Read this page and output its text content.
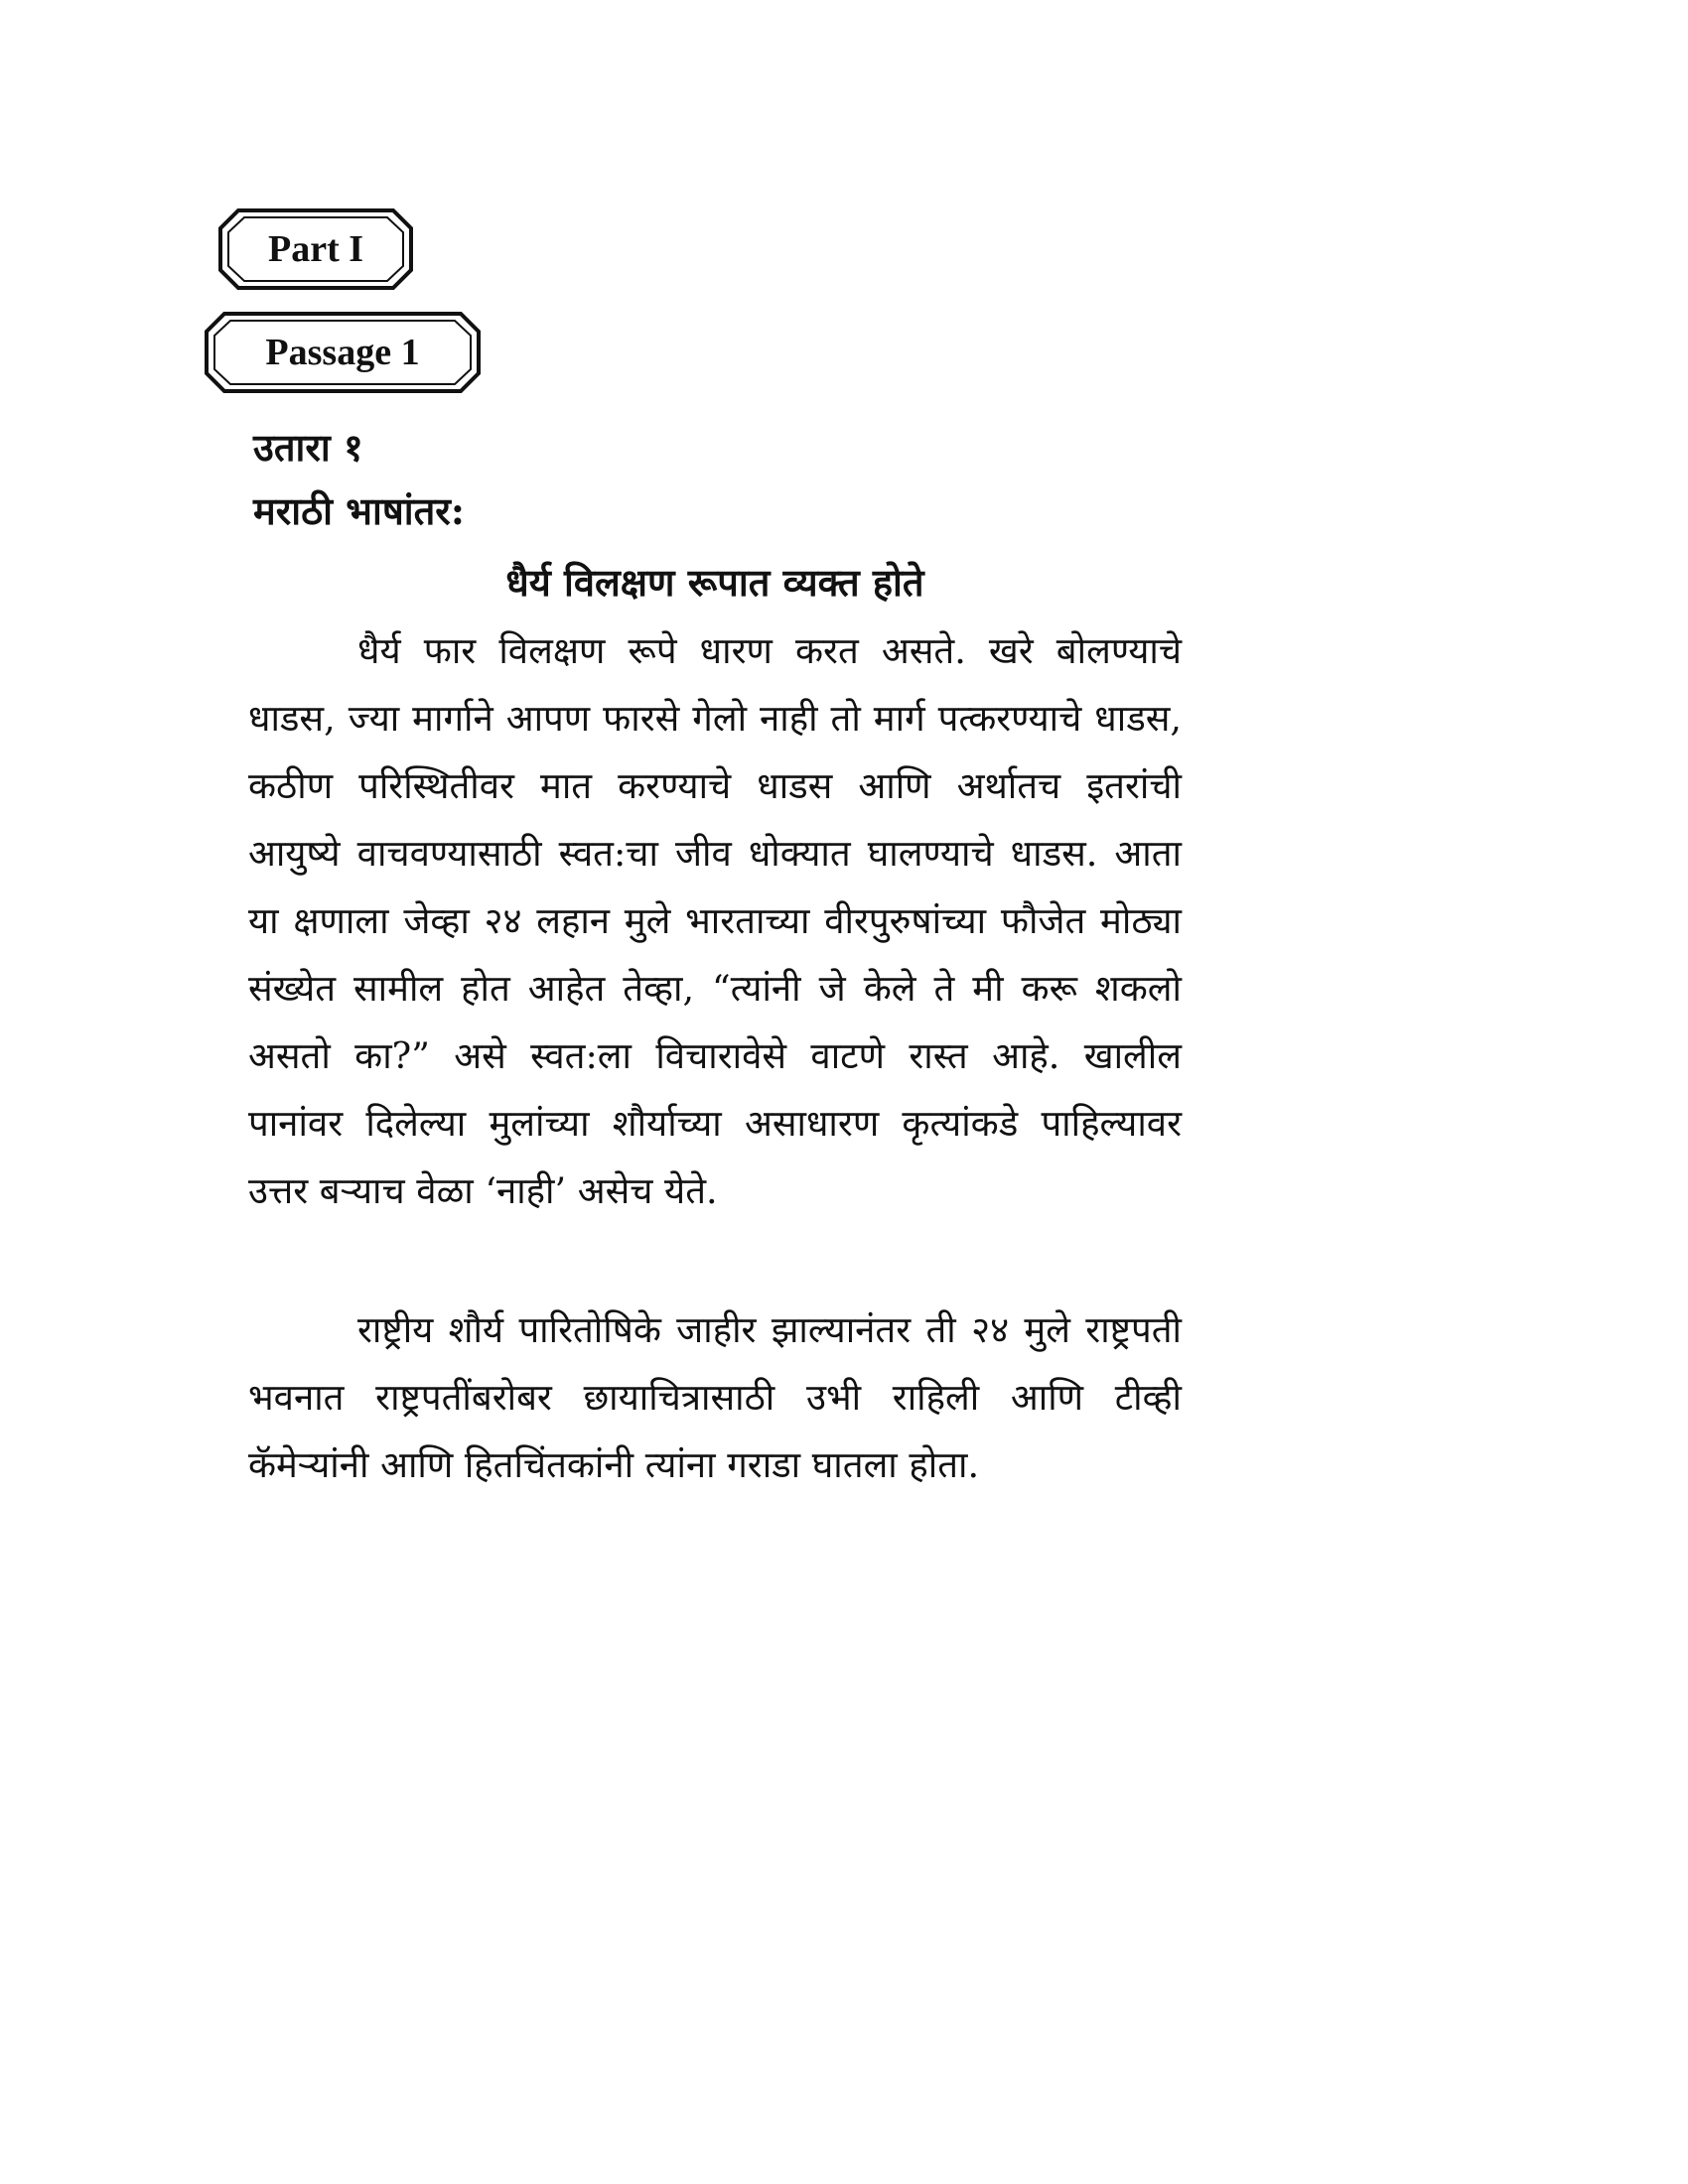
Part I
Passage 1
उतारा १
मराठी भाषांतर:
धैर्य विलक्षण रूपात व्यक्त होते

धैर्य फार विलक्षण रूपे धारण करत असते. खरे बोलण्याचे धाडस, ज्या मार्गाने आपण फारसे गेलो नाही तो मार्ग पत्करण्याचे धाडस, कठीण परिस्थितीवर मात करण्याचे धाडस आणि अर्थातच इतरांची आयुष्ये वाचवण्यासाठी स्वत:चा जीव धोक्यात घालण्याचे धाडस. आता या क्षणाला जेव्हा २४ लहान मुले भारताच्या वीरपुरुषांच्या फौजेत मोठ्या संख्येत सामील होत आहेत तेव्हा, “त्यांनी जे केले ते मी करू शकलो असतो का?” असे स्वत:ला विचारावेसे वाटणे रास्त आहे. खालील पानांवर दिलेल्या मुलांच्या शौर्याच्या असाधारण कृत्यांकडे पाहिल्यावर उत्तर बऱ्याच वेळा ‘नाही’ असेच येते.

राष्ट्रीय शौर्य पारितोषिके जाहीर झाल्यानंतर ती २४ मुले राष्ट्रपती भवनात राष्ट्रपतींबरोबर छायाचित्रासाठी उभी राहिली आणि टीव्ही कॅमेऱ्यांनी आणि हितचिंतकांनी त्यांना गराडा घातला होता.
